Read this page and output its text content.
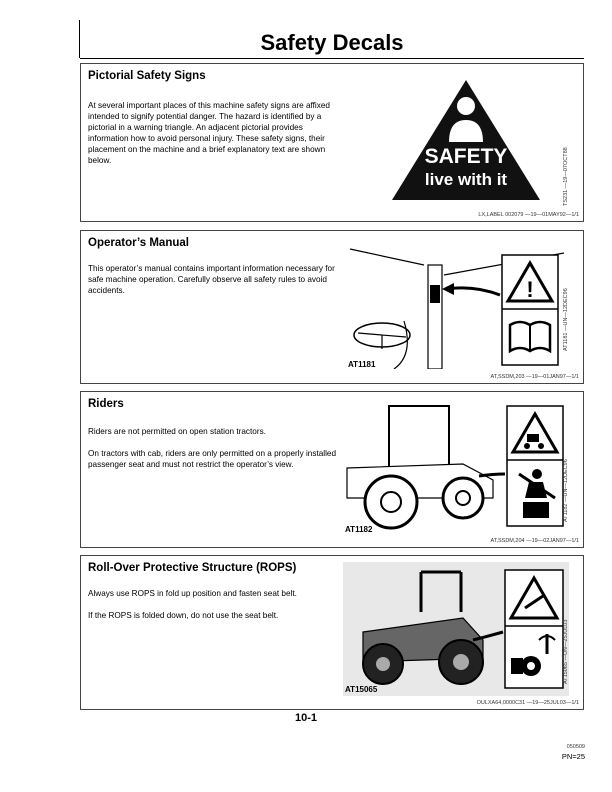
Safety Decals
Pictorial Safety Signs
At several important places of this machine safety signs are affixed intended to signify potential danger. The hazard is identified by a pictorial in a warning triangle. An adjacent pictorial provides information how to avoid personal injury. These safety signs, their placement on the machine and a brief explanatory text are shown below.	SAFETY
live with it	TS231 —19—07OCT88
LX,LABEL 002079 —19—01MAY92—1/1
Operator’s Manual
This operator’s manual contains important information necessary for safe machine operation. Carefully observe all safety rules to avoid accidents.	!
AT1181
AT1181 —UN—12DEC96
AT,SSDM,203 —19—01JAN97—1/1
Riders
Riders are not permitted on open station tractors.
On tractors with cab, riders are only permitted on a properly installed passenger seat and must not restrict the operator’s view.
AT1182
AT1182 —UN—12DEC96
AT,SSDM,204 —19—02JAN97—1/1
Roll-Over Protective Structure (ROPS)
Always use ROPS in fold up position and fasten seat belt.
If the ROPS is folded down, do not use the seat belt.
AT15065
AT15065 —UN—25JUL03
OULXA64,0000C31 —19—25JUL03—1/1
10-1
050509
PN=25
